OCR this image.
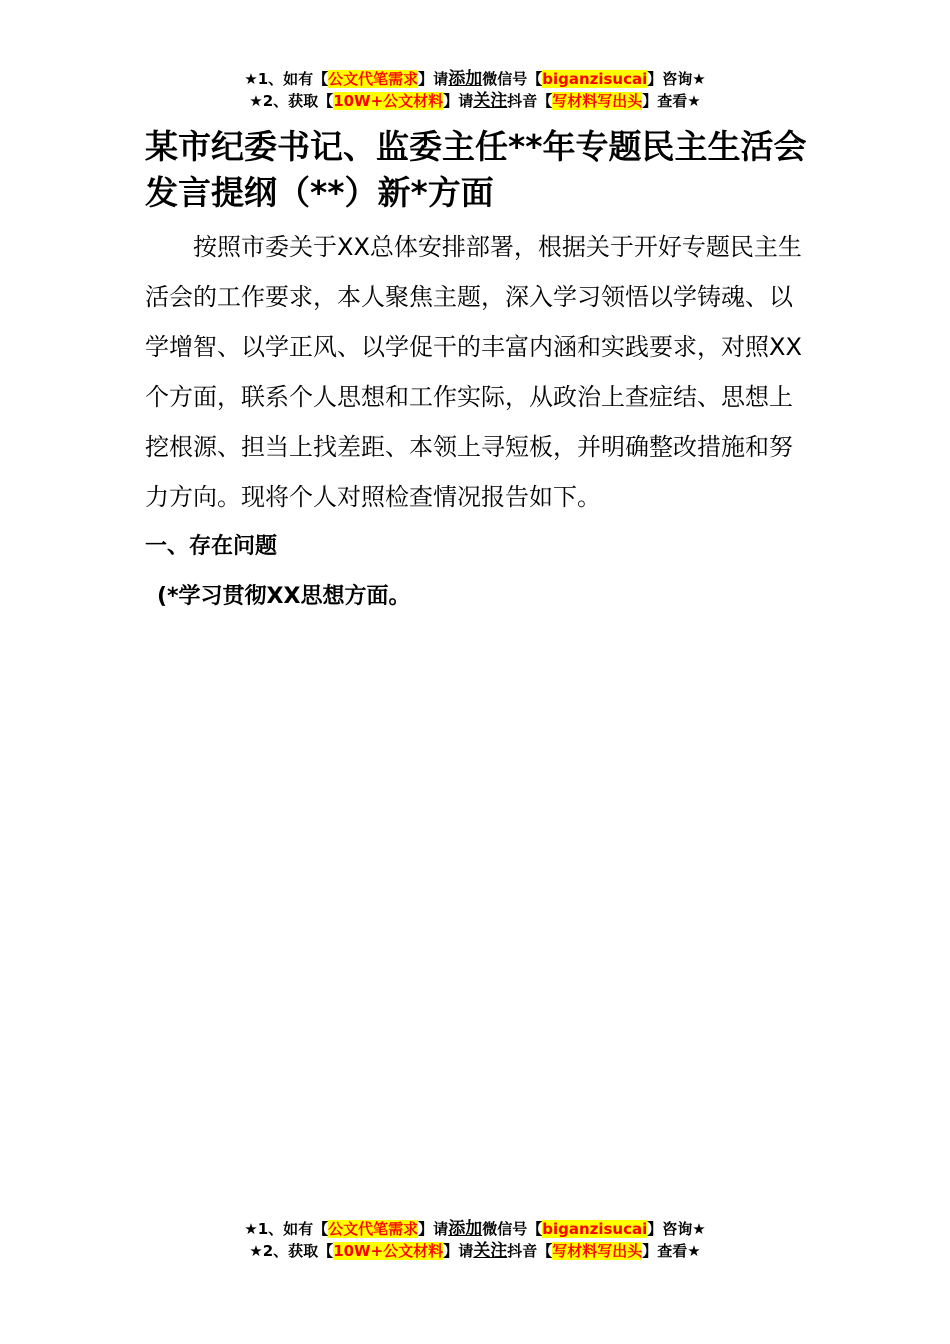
★1、如有【公文代笔需求】请添加微信号【biganzisucai】咨询★
★2、获取【10W+公文材料】请关注抖音【写材料写出头】查看★
某市纪委书记、监委主任**年专题民主生活会发言提纲（**）新*方面

按照市委关于XX总体安排部署，根据关于开好专题民主生活会的工作要求，本人聚焦主题，深入学习领悟以学铸魂、以学增智、以学正风、以学促干的丰富内涵和实践要求，对照XX个方面，联系个人思想和工作实际，从政治上查症结、思想上挖根源、担当上找差距、本领上寻短板，并明确整改措施和努力方向。现将个人对照检查情况报告如下。

一、存在问题

(*学习贯彻XX思想方面。

★1、如有【公文代笔需求】请添加微信号【biganzisucai】咨询★
★2、获取【10W+公文材料】请关注抖音【写材料写出头】查看★
